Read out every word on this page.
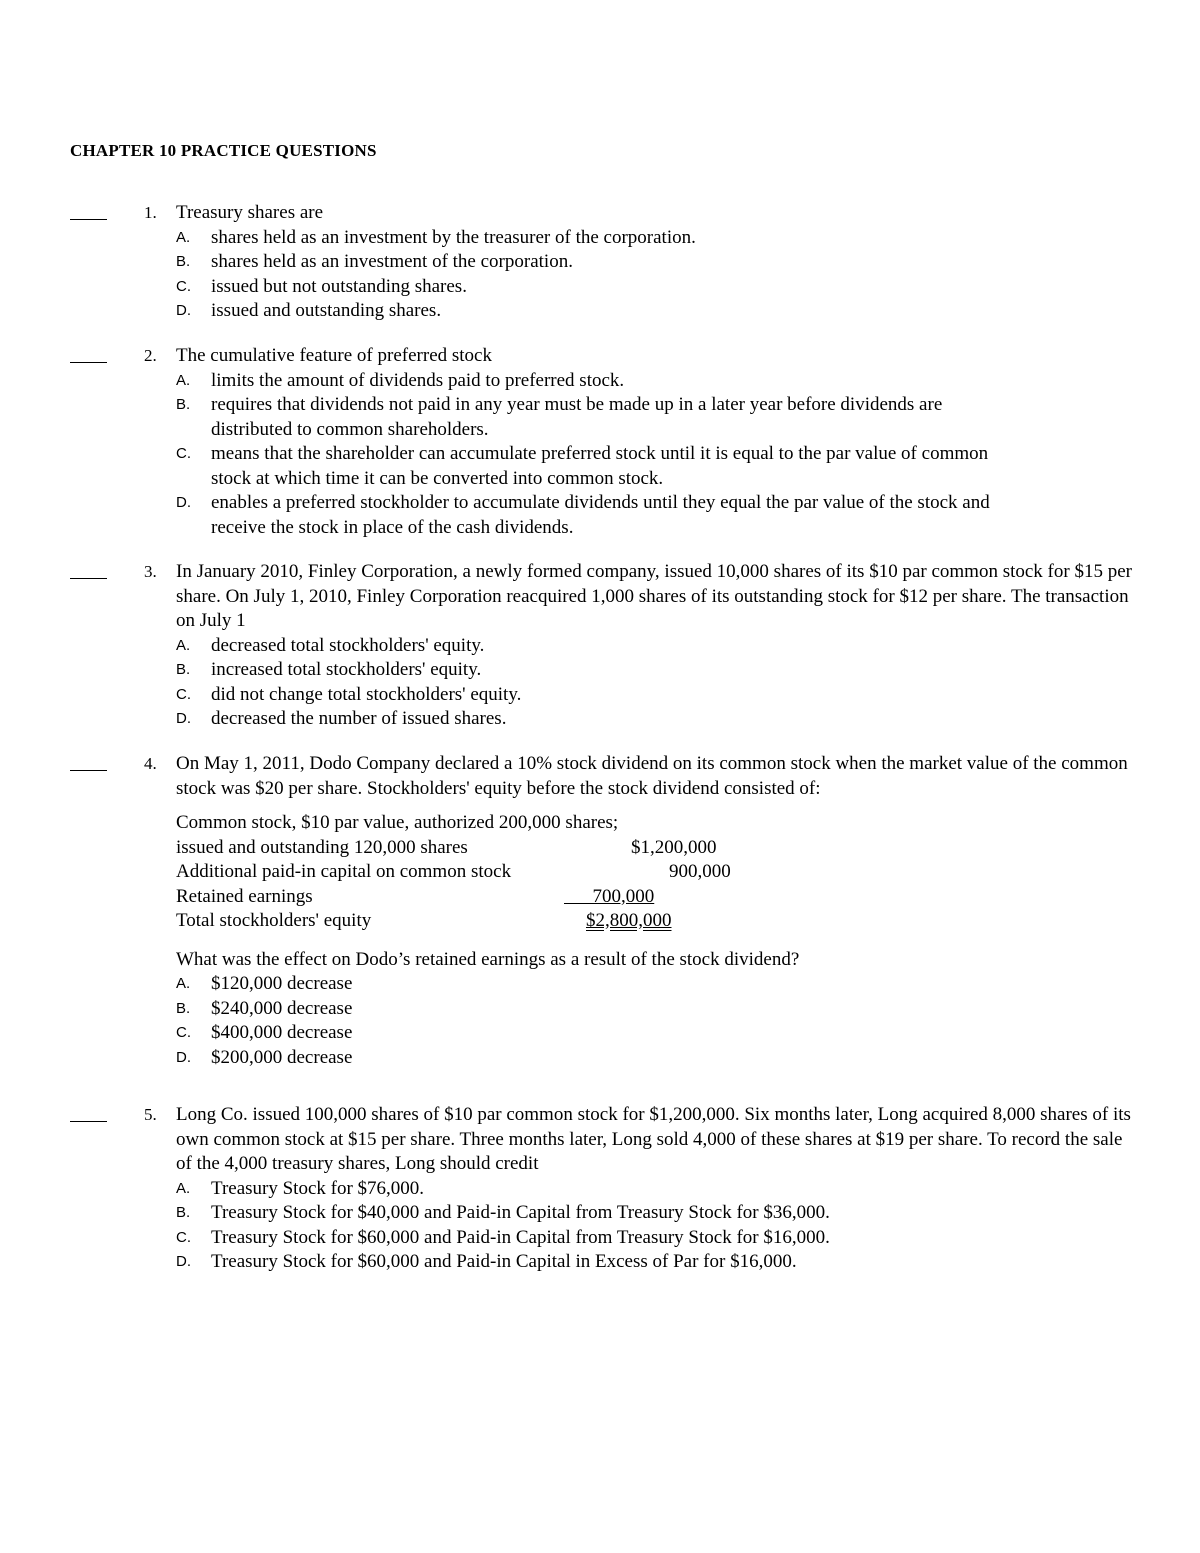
CHAPTER 10 PRACTICE QUESTIONS
1. Treasury shares are
A. shares held as an investment by the treasurer of the corporation.
B. shares held as an investment of the corporation.
C. issued but not outstanding shares.
D. issued and outstanding shares.
2. The cumulative feature of preferred stock
A. limits the amount of dividends paid to preferred stock.
B. requires that dividends not paid in any year must be made up in a later year before dividends are distributed to common shareholders.
C. means that the shareholder can accumulate preferred stock until it is equal to the par value of common stock at which time it can be converted into common stock.
D. enables a preferred stockholder to accumulate dividends until they equal the par value of the stock and receive the stock in place of the cash dividends.
3. In January 2010, Finley Corporation, a newly formed company, issued 10,000 shares of its $10 par common stock for $15 per share. On July 1, 2010, Finley Corporation reacquired 1,000 shares of its outstanding stock for $12 per share. The transaction on July 1
A. decreased total stockholders' equity.
B. increased total stockholders' equity.
C. did not change total stockholders' equity.
D. decreased the number of issued shares.
4. On May 1, 2011, Dodo Company declared a 10% stock dividend on its common stock when the market value of the common stock was $20 per share. Stockholders' equity before the stock dividend consisted of:
Common stock, $10 par value, authorized 200,000 shares;
issued and outstanding 120,000 shares	$1,200,000
Additional paid-in capital on common stock	900,000
Retained earnings	700,000
Total stockholders' equity	$2,800,000
What was the effect on Dodo’s retained earnings as a result of the stock dividend?
A. $120,000 decrease
B. $240,000 decrease
C. $400,000 decrease
D. $200,000 decrease
5. Long Co. issued 100,000 shares of $10 par common stock for $1,200,000. Six months later, Long acquired 8,000 shares of its own common stock at $15 per share. Three months later, Long sold 4,000 of these shares at $19 per share. To record the sale of the 4,000 treasury shares, Long should credit
A. Treasury Stock for $76,000.
B. Treasury Stock for $40,000 and Paid-in Capital from Treasury Stock for $36,000.
C. Treasury Stock for $60,000 and Paid-in Capital from Treasury Stock for $16,000.
D. Treasury Stock for $60,000 and Paid-in Capital in Excess of Par for $16,000.
